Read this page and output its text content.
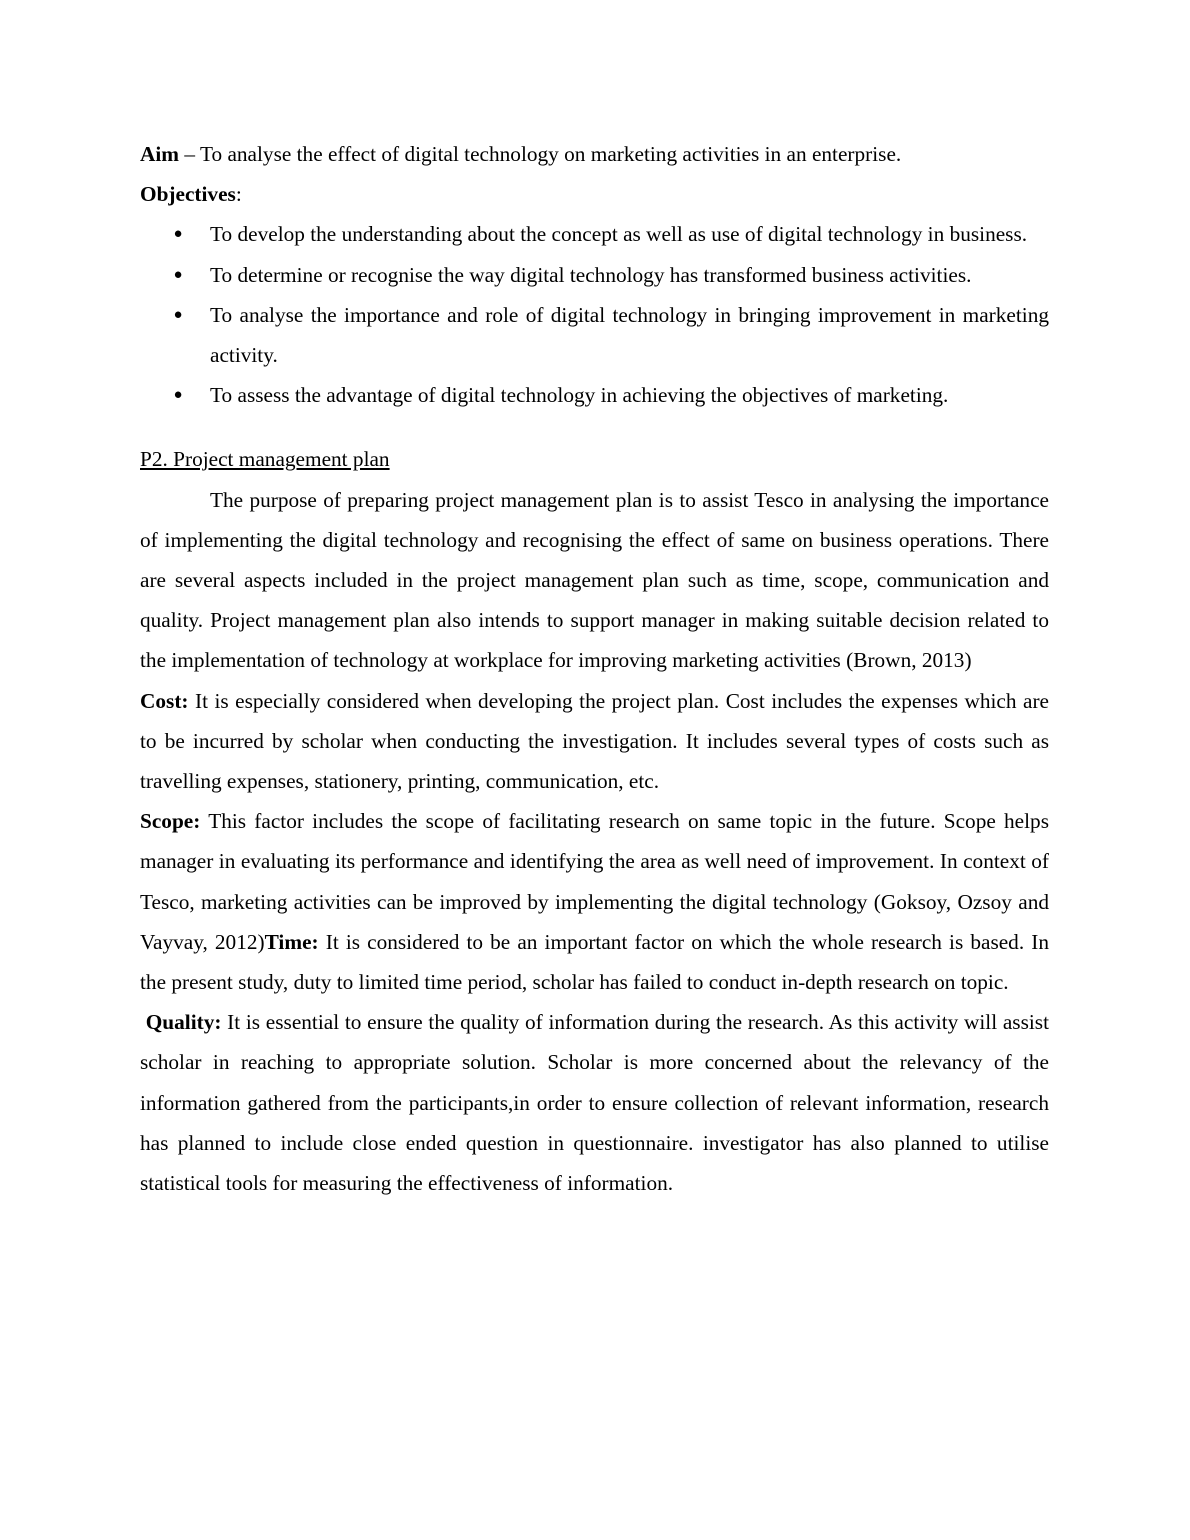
Aim – To analyse the effect of digital technology on marketing activities in an enterprise.

Objectives:

● To develop the understanding about the concept as well as use of digital technology in business.
● To determine or recognise the way digital technology has transformed business activities.
● To analyse the importance and role of digital technology in bringing improvement in marketing activity.
● To assess the advantage of digital technology in achieving the objectives of marketing.

P2. Project management plan

The purpose of preparing project management plan is to assist Tesco in analysing the importance of implementing the digital technology and recognising the effect of same on business operations. There are several aspects included in the project management plan such as time, scope, communication and quality. Project management plan also intends to support manager in making suitable decision related to the implementation of technology at workplace for improving marketing activities (Brown, 2013)

Cost: It is especially considered when developing the project plan. Cost includes the expenses which are to be incurred by scholar when conducting the investigation. It includes several types of costs such as travelling expenses, stationery, printing, communication, etc.

Scope: This factor includes the scope of facilitating research on same topic in the future. Scope helps manager in evaluating its performance and identifying the area as well need of improvement. In context of Tesco, marketing activities can be improved by implementing the digital technology (Goksoy, Ozsoy and Vayvay, 2012)Time: It is considered to be an important factor on which the whole research is based. In the present study, duty to limited time period, scholar has failed to conduct in-depth research on topic.

Quality: It is essential to ensure the quality of information during the research. As this activity will assist scholar in reaching to appropriate solution. Scholar is more concerned about the relevancy of the information gathered from the participants,in order to ensure collection of relevant information, research has planned to include close ended question in questionnaire. investigator has also planned to utilise statistical tools for measuring the effectiveness of information.
